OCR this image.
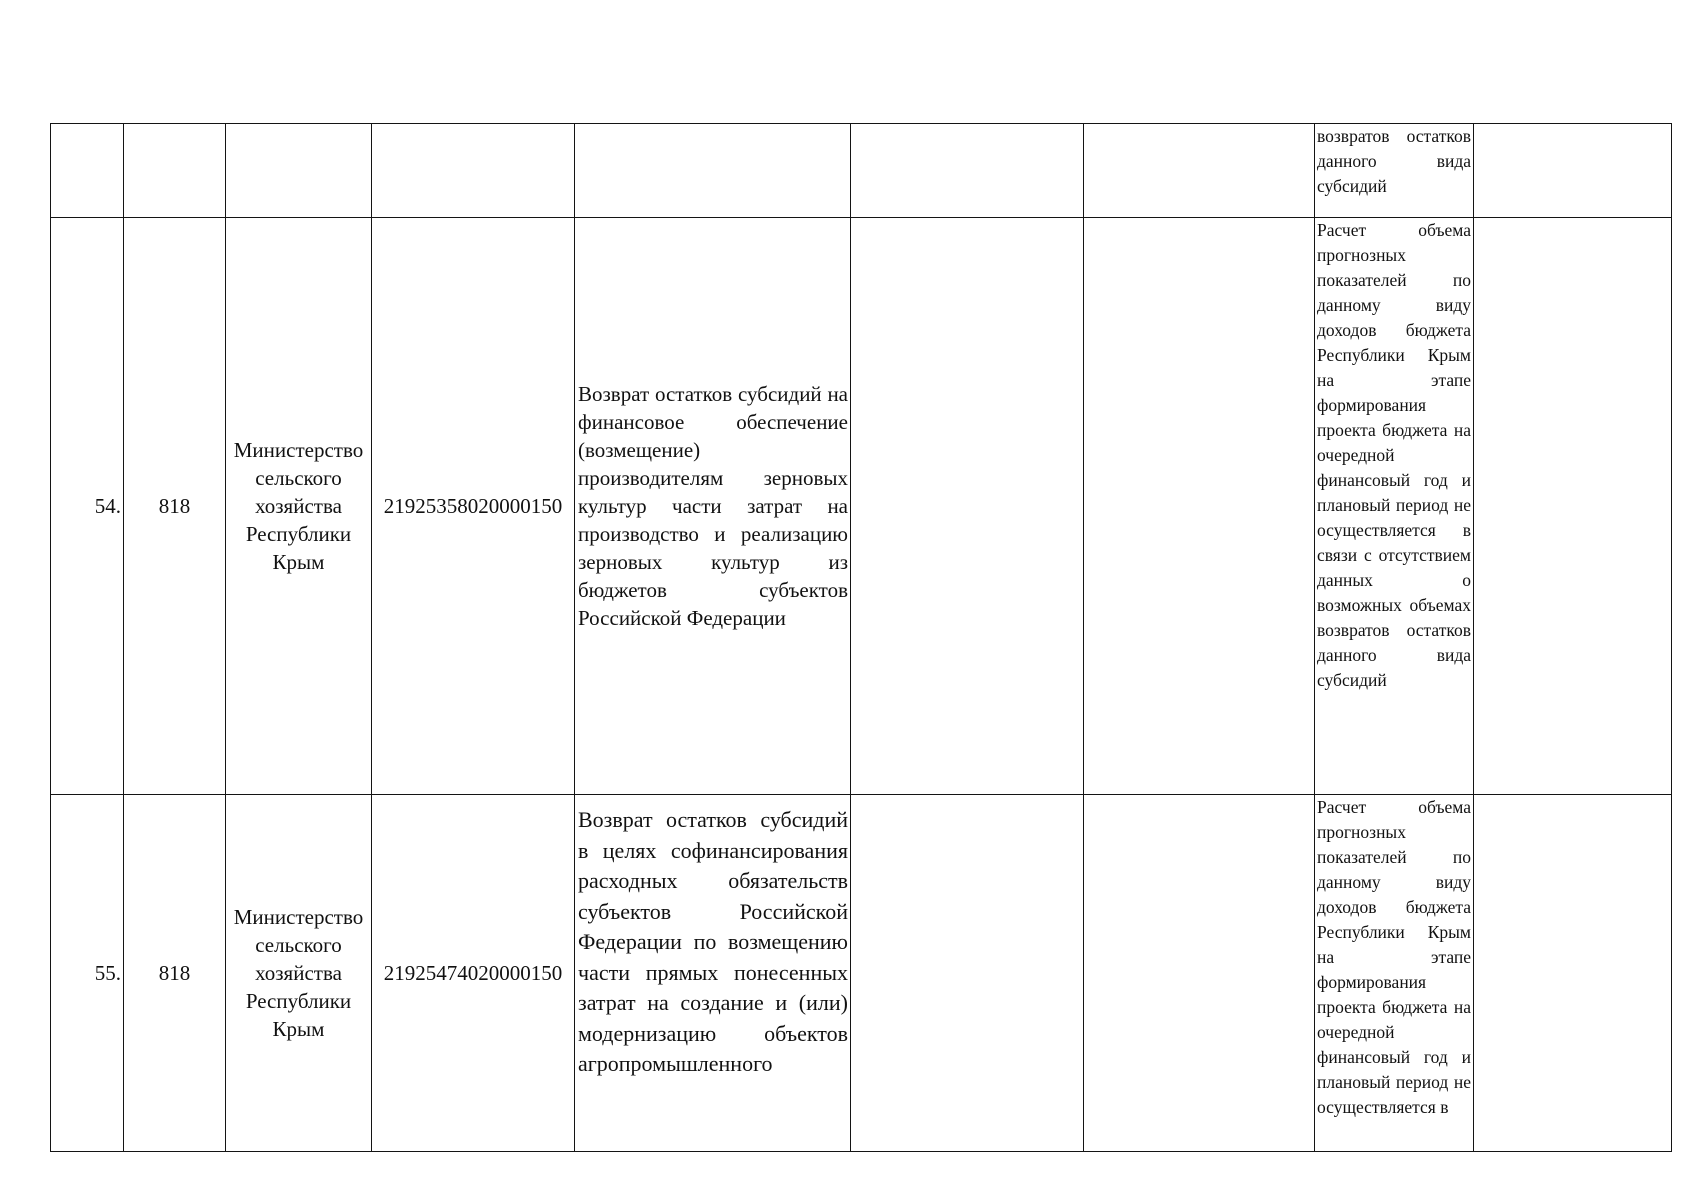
							возвратов остатков данного вида субсидий	

54.	818	Министерство сельского хозяйства Республики Крым	21925358020000150	Возврат остатков субсидий на финансовое обеспечение (возмещение) производителям зерновых культур части затрат на производство и реализацию зерновых культур из бюджетов субъектов Российской Федерации			Расчет объема прогнозных показателей по данному виду доходов бюджета Республики Крым на этапе формирования проекта бюджета на очередной финансовый год и плановый период не осуществляется в связи с отсутствием данных о возможных объемах возвратов остатков данного вида субсидий	

55.	818	Министерство сельского хозяйства Республики Крым	21925474020000150	Возврат остатков субсидий в целях софинансирования расходных обязательств субъектов Российской Федерации по возмещению части прямых понесенных затрат на создание и (или) модернизацию объектов агропромышленного			Расчет объема прогнозных показателей по данному виду доходов бюджета Республики Крым на этапе формирования проекта бюджета на очередной финансовый год и плановый период не осуществляется в	
